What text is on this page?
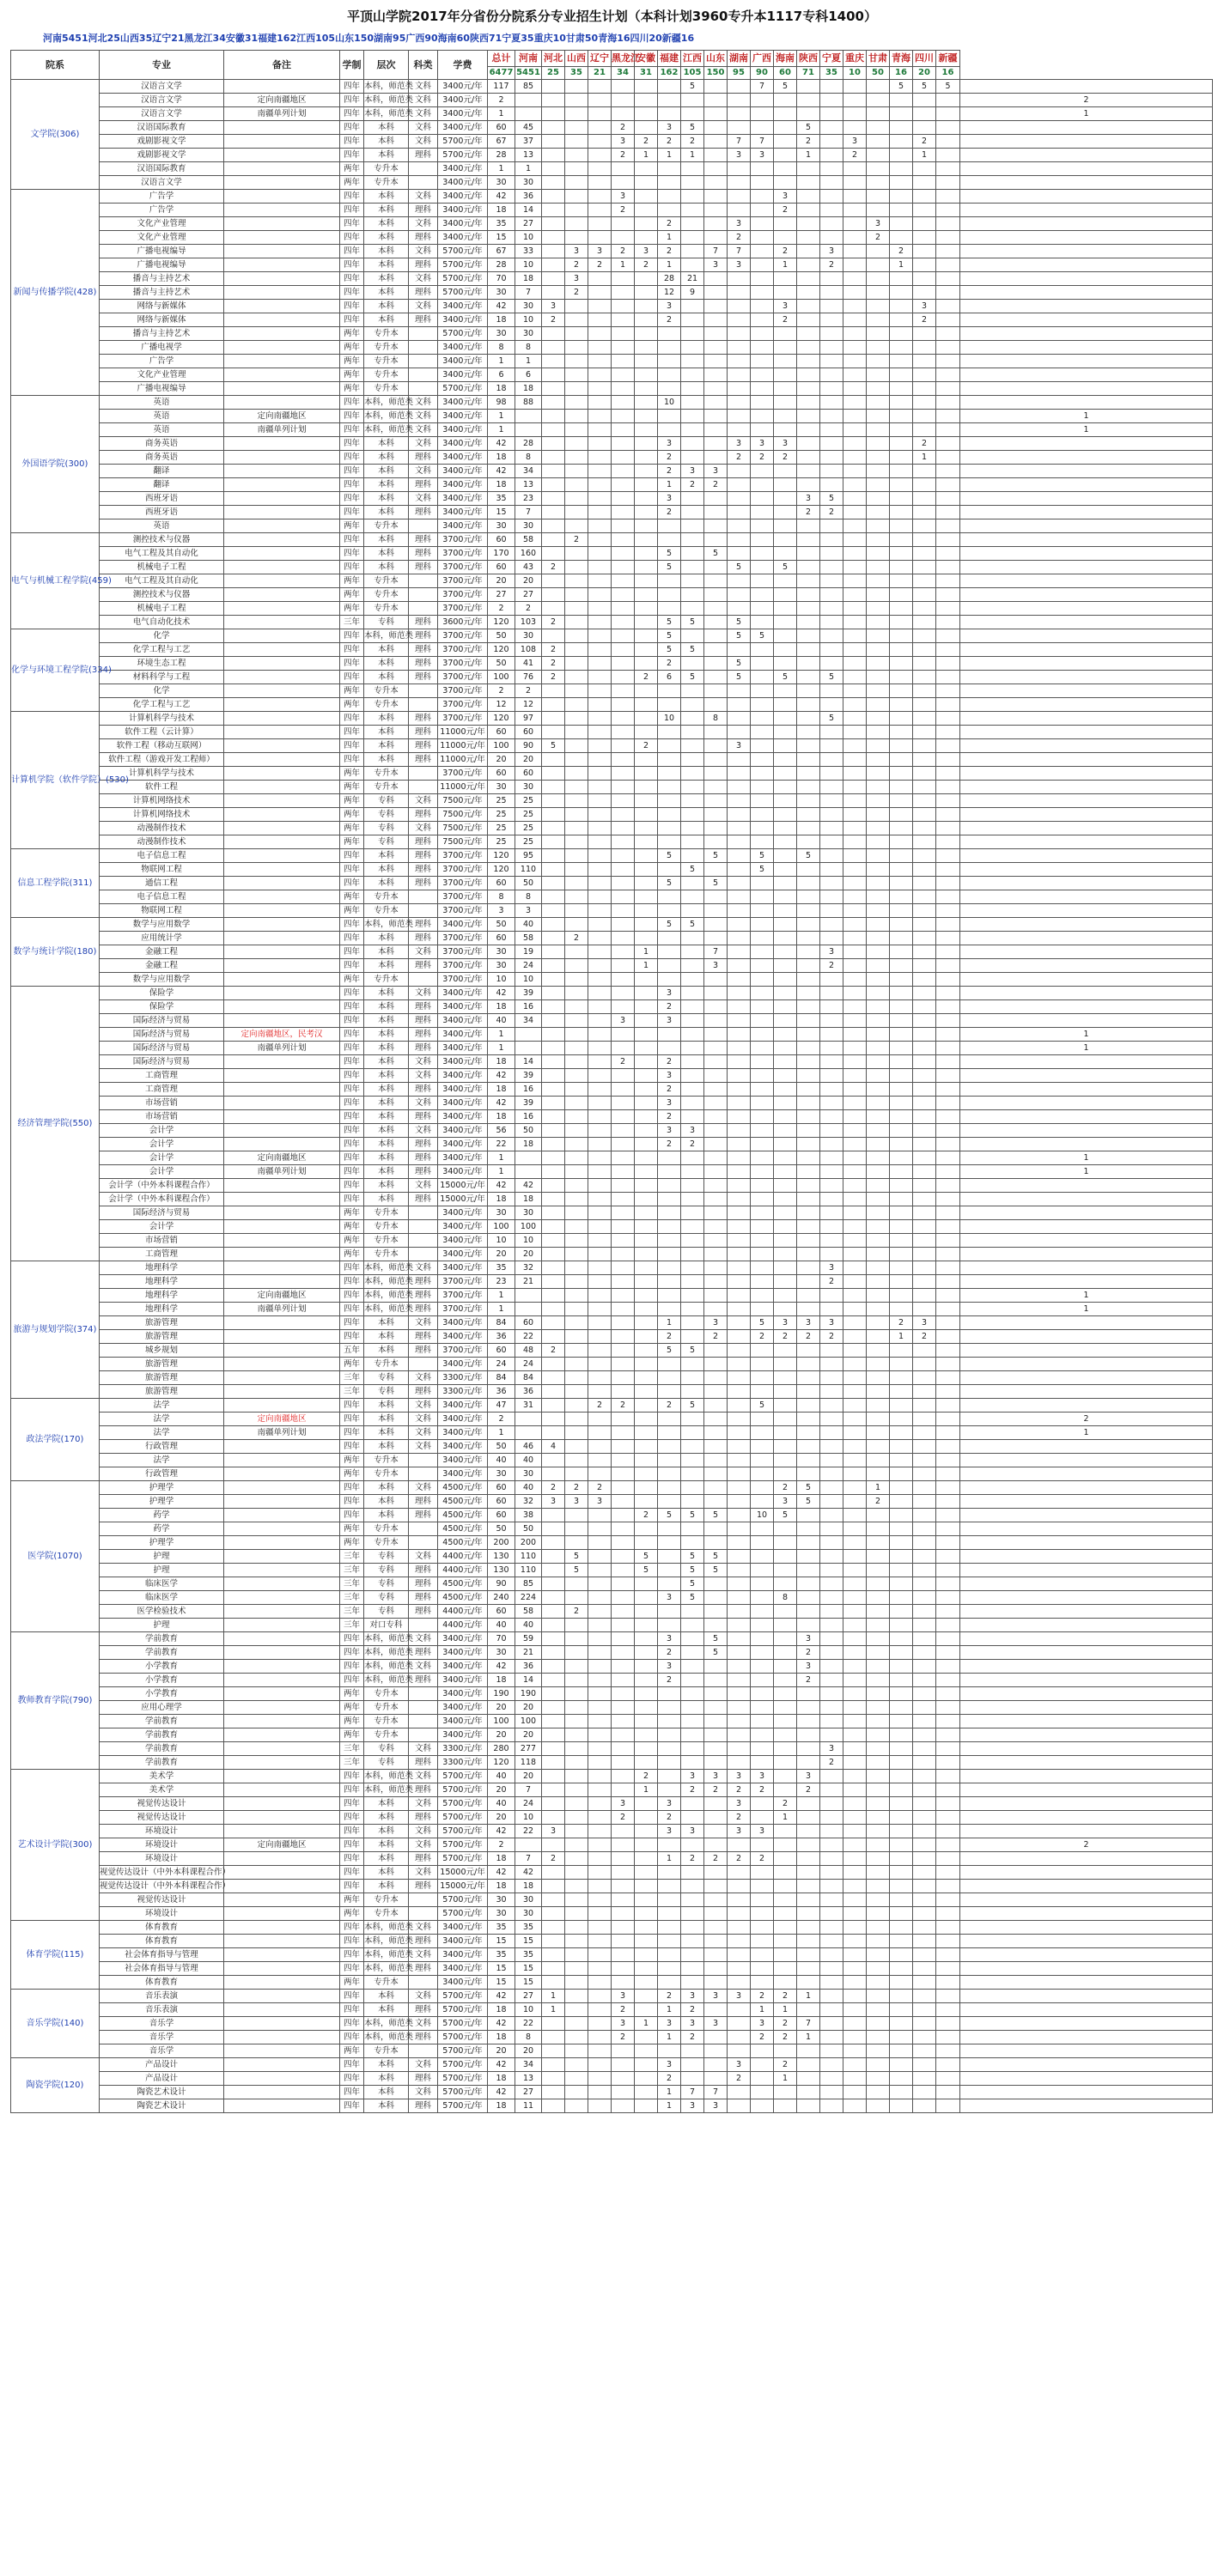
平顶山学院2017年分省份分院系分专业招生计划（本科计划3960专升本1117专科1400）
河南5451河北25山西35辽宁21黑龙江34安徽31福建162江西105山东150湖南95广西90海南60陕西71宁夏35重庆10甘肃50青海16四川20新疆16
院系	专业	备注	学制	层次	科类	学费	总计	河南	河北	山西	辽宁	黑龙江	安徽	福建	江西	山东	湖南	广西	海南	陕西	宁夏	重庆	甘肃	青海	四川	新疆	
							6477	5451	25	35	21	34	31	162	105	150	95	90	60	71	35	10	50	16	20	16	
文学院(306)	汉语言文学		四年	本科，师范类	文科	3400元/年	117	85							5			7	5					5	5	5	
	汉语言文学	定向南疆地区	四年	本科，师范类	文科	3400元/年	2																				2
	汉语言文学	南疆单列计划	四年	本科，师范类	文科	3400元/年	1																				1
	汉语国际教育		四年	本科	文科	3400元/年	60	45				2		3	5					5							
	戏剧影视文学		四年	本科	文科	5700元/年	67	37				3	2	2	2		7	7		2		3			2		
	戏剧影视文学		四年	本科	理科	5700元/年	28	13				2	1	1	1		3	3		1		2			1		
	汉语国际教育		两年	专升本		3400元/年	1	1																			
	汉语言文学		两年	专升本		3400元/年	30	30																			
新闻与传播学院(428)	广告学		四年	本科	文科	3400元/年	42	36				3							3								
	广告学		四年	本科	理科	3400元/年	18	14				2							2								
	文化产业管理		四年	本科	文科	3400元/年	35	27						2			3						3				
	文化产业管理		四年	本科	理科	3400元/年	15	10						1			2						2				
	广播电视编导		四年	本科	文科	5700元/年	67	33		3	3	2	3	2		7	7		2		3			2			
	广播电视编导		四年	本科	理科	5700元/年	28	10		2	2	1	2	1		3	3		1		2			1			
	播音与主持艺术		四年	本科	文科	5700元/年	70	18		3				28	21												
	播音与主持艺术		四年	本科	理科	5700元/年	30	7		2				12	9												
	网络与新媒体		四年	本科	文科	3400元/年	42	30	3					3					3						3		
	网络与新媒体		四年	本科	理科	3400元/年	18	10	2					2					2						2		
	播音与主持艺术		两年	专升本		5700元/年	30	30																			
	广播电视学		两年	专升本		3400元/年	8	8																			
	广告学		两年	专升本		3400元/年	1	1																			
	文化产业管理		两年	专升本		3400元/年	6	6																			
	广播电视编导		两年	专升本		5700元/年	18	18																			
外国语学院(300)	英语		四年	本科，师范类	文科	3400元/年	98	88						10													
	英语	定向南疆地区	四年	本科，师范类	文科	3400元/年	1																				1
	英语	南疆单列计划	四年	本科，师范类	文科	3400元/年	1																				1
	商务英语		四年	本科	文科	3400元/年	42	28						3			3	3	3						2		
	商务英语		四年	本科	理科	3400元/年	18	8						2			2	2	2						1		
	翻译		四年	本科	文科	3400元/年	42	34						2	3	3											
	翻译		四年	本科	理科	3400元/年	18	13						1	2	2											
	西班牙语		四年	本科	文科	3400元/年	35	23						3						3	5						
	西班牙语		四年	本科	理科	3400元/年	15	7						2						2	2						
	英语		两年	专升本		3400元/年	30	30																			
电气与机械工程学院(459)	测控技术与仪器		四年	本科	理科	3700元/年	60	58		2																	
	电气工程及其自动化		四年	本科	理科	3700元/年	170	160						5		5											
	机械电子工程		四年	本科	理科	3700元/年	60	43	2					5			5		5								
	电气工程及其自动化		两年	专升本		3700元/年	20	20																			
	测控技术与仪器		两年	专升本		3700元/年	27	27																			
	机械电子工程		两年	专升本		3700元/年	2	2																			
	电气自动化技术		三年	专科	理科	3600元/年	120	103	2					5	5		5										
化学与环境工程学院(334)	化学		四年	本科，师范类	理科	3700元/年	50	30						5			5	5									
	化学工程与工艺		四年	本科	理科	3700元/年	120	108	2					5	5												
	环境生态工程		四年	本科	理科	3700元/年	50	41	2					2			5										
	材料科学与工程		四年	本科	理科	3700元/年	100	76	2				2	6	5		5		5		5						
	化学		两年	专升本		3700元/年	2	2																			
	化学工程与工艺		两年	专升本		3700元/年	12	12																			
计算机学院（软件学院）(530)	计算机科学与技术		四年	本科	理科	3700元/年	120	97						10		8					5						
	软件工程（云计算）		四年	本科	理科	11000元/年	60	60																			
	软件工程（移动互联网）		四年	本科	理科	11000元/年	100	90	5				2				3										
	软件工程（游戏开发工程师）		四年	本科	理科	11000元/年	20	20																			
	计算机科学与技术		两年	专升本		3700元/年	60	60																			
	软件工程		两年	专升本		11000元/年	30	30																			
	计算机网络技术		两年	专科	文科	7500元/年	25	25																			
	计算机网络技术		两年	专科	理科	7500元/年	25	25																			
	动漫制作技术		两年	专科	文科	7500元/年	25	25																			
	动漫制作技术		两年	专科	理科	7500元/年	25	25																			
信息工程学院(311)	电子信息工程		四年	本科	理科	3700元/年	120	95						5		5		5		5							
	物联网工程		四年	本科	理科	3700元/年	120	110							5			5									
	通信工程		四年	本科	理科	3700元/年	60	50						5		5											
	电子信息工程		两年	专升本		3700元/年	8	8																			
	物联网工程		两年	专升本		3700元/年	3	3																			
数学与统计学院(180)	数学与应用数学		四年	本科，师范类	理科	3400元/年	50	40						5	5												
	应用统计学		四年	本科	理科	3700元/年	60	58		2																	
	金融工程		四年	本科	文科	3700元/年	30	19					1			7					3						
	金融工程		四年	本科	理科	3700元/年	30	24					1			3					2						
	数学与应用数学		两年	专升本		3700元/年	10	10																			
经济管理学院(550)	保险学		四年	本科	文科	3400元/年	42	39						3													
	保险学		四年	本科	理科	3400元/年	18	16						2													
	国际经济与贸易		四年	本科	理科	3400元/年	40	34				3		3													
	国际经济与贸易	定向南疆地区，民考汉	四年	本科	理科	3400元/年	1																				1
	国际经济与贸易	南疆单列计划	四年	本科	理科	3400元/年	1																				1
	国际经济与贸易		四年	本科	文科	3400元/年	18	14				2		2													
	工商管理		四年	本科	文科	3400元/年	42	39						3													
	工商管理		四年	本科	理科	3400元/年	18	16						2													
	市场营销		四年	本科	文科	3400元/年	42	39						3													
	市场营销		四年	本科	理科	3400元/年	18	16						2													
	会计学		四年	本科	文科	3400元/年	56	50						3	3												
	会计学		四年	本科	理科	3400元/年	22	18						2	2												
	会计学	定向南疆地区	四年	本科	理科	3400元/年	1																				1
	会计学	南疆单列计划	四年	本科	理科	3400元/年	1																				1
	会计学（中外本科课程合作）		四年	本科	文科	15000元/年	42	42																			
	会计学（中外本科课程合作）		四年	本科	理科	15000元/年	18	18																			
	国际经济与贸易		两年	专升本		3400元/年	30	30																			
	会计学		两年	专升本		3400元/年	100	100																			
	市场营销		两年	专升本		3400元/年	10	10																			
	工商管理		两年	专升本		3400元/年	20	20																			
旅游与规划学院(374)	地理科学		四年	本科，师范类	文科	3400元/年	35	32													3						
	地理科学		四年	本科，师范类	理科	3700元/年	23	21													2						
	地理科学	定向南疆地区	四年	本科，师范类	理科	3700元/年	1																				1
	地理科学	南疆单列计划	四年	本科，师范类	理科	3700元/年	1																				1
	旅游管理		四年	本科	文科	3400元/年	84	60						1		3		5	3	3	3			2	3		
	旅游管理		四年	本科	理科	3400元/年	36	22						2		2		2	2	2	2			1	2		
	城乡规划		五年	本科	理科	3700元/年	60	48	2					5	5												
	旅游管理		两年	专升本		3400元/年	24	24																			
	旅游管理		三年	专科	文科	3300元/年	84	84																			
	旅游管理		三年	专科	理科	3300元/年	36	36																			
政法学院(170)	法学		四年	本科	文科	3400元/年	47	31			2	2		2	5			5									
	法学	定向南疆地区	四年	本科	文科	3400元/年	2																				2
	法学	南疆单列计划	四年	本科	文科	3400元/年	1																				1
	行政管理		四年	本科	文科	3400元/年	50	46	4																		
	法学		两年	专升本		3400元/年	40	40																			
	行政管理		两年	专升本		3400元/年	30	30																			
医学院(1070)	护理学		四年	本科	文科	4500元/年	60	40	2	2	2								2	5			1				
	护理学		四年	本科	理科	4500元/年	60	32	3	3	3								3	5			2				
	药学		四年	本科	理科	4500元/年	60	38					2	5	5	5		10	5								
	药学		两年	专升本		4500元/年	50	50																			
	护理学		两年	专升本		4500元/年	200	200																			
	护理		三年	专科	文科	4400元/年	130	110		5			5		5	5											
	护理		三年	专科	理科	4400元/年	130	110		5			5		5	5											
	临床医学		三年	专科	理科	4500元/年	90	85							5												
	临床医学		三年	专科	理科	4500元/年	240	224						3	5				8								
	医学检验技术		三年	专科	理科	4400元/年	60	58		2																	
	护理		三年	对口专科		4400元/年	40	40																			
教师教育学院(790)	学前教育		四年	本科，师范类	文科	3400元/年	70	59						3		5				3							
	学前教育		四年	本科，师范类	理科	3400元/年	30	21						2		5				2							
	小学教育		四年	本科，师范类	文科	3400元/年	42	36						3						3							
	小学教育		四年	本科，师范类	理科	3400元/年	18	14						2						2							
	小学教育		两年	专升本		3400元/年	190	190																			
	应用心理学		两年	专升本		3400元/年	20	20																			
	学前教育		两年	专升本		3400元/年	100	100																			
	学前教育		两年	专升本		3400元/年	20	20																			
	学前教育		三年	专科	文科	3300元/年	280	277													3						
	学前教育		三年	专科	理科	3300元/年	120	118													2						
艺术设计学院(300)	美术学		四年	本科，师范类	文科	5700元/年	40	20					2		3	3	3	3		3							
	美术学		四年	本科，师范类	理科	5700元/年	20	7					1		2	2	2	2		2							
	视觉传达设计		四年	本科	文科	5700元/年	40	24				3		3			3		2								
	视觉传达设计		四年	本科	理科	5700元/年	20	10				2		2			2		1								
	环境设计		四年	本科	文科	5700元/年	42	22	3					3	3		3	3									
	环境设计	定向南疆地区	四年	本科	文科	5700元/年	2																				2
	环境设计		四年	本科	理科	5700元/年	18	7	2					1	2	2	2	2									
	视觉传达设计（中外本科课程合作）		四年	本科	文科	15000元/年	42	42																			
	视觉传达设计（中外本科课程合作）		四年	本科	理科	15000元/年	18	18																			
	视觉传达设计		两年	专升本		5700元/年	30	30																			
	环境设计		两年	专升本		5700元/年	30	30																			
体育学院(115)	体育教育		四年	本科，师范类	文科	3400元/年	35	35																			
	体育教育		四年	本科，师范类	理科	3400元/年	15	15																			
	社会体育指导与管理		四年	本科，师范类	文科	3400元/年	35	35																			
	社会体育指导与管理		四年	本科，师范类	理科	3400元/年	15	15																			
	体育教育		两年	专升本		3400元/年	15	15																			
音乐学院(140)	音乐表演		四年	本科	文科	5700元/年	42	27	1			3		2	3	3	3	2	2	1							
	音乐表演		四年	本科	理科	5700元/年	18	10	1			2		1	2			1	1								
	音乐学		四年	本科，师范类	文科	5700元/年	42	22				3	1	3	3	3		3	2	7							
	音乐学		四年	本科，师范类	理科	5700元/年	18	8				2		1	2			2	2	1							
	音乐学		两年	专升本		5700元/年	20	20																			
陶瓷学院(120)	产品设计		四年	本科	文科	5700元/年	42	34						3			3		2								
	产品设计		四年	本科	理科	5700元/年	18	13						2			2		1								
	陶瓷艺术设计		四年	本科	文科	5700元/年	42	27						1	7	7											
	陶瓷艺术设计		四年	本科	理科	5700元/年	18	11						1	3	3											
